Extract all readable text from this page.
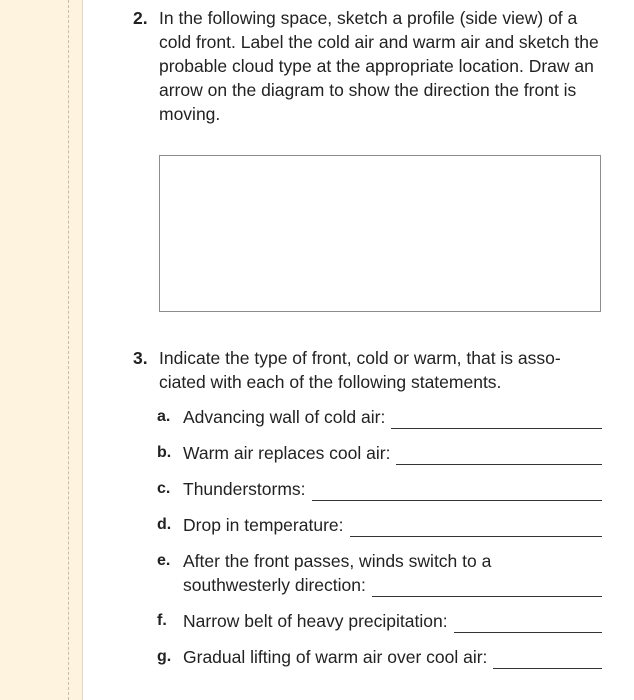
2. In the following space, sketch a profile (side view) of a cold front. Label the cold air and warm air and sketch the probable cloud type at the appropriate location. Draw an arrow on the diagram to show the direction the front is moving.
3. Indicate the type of front, cold or warm, that is asso-ciated with each of the following statements.
a. Advancing wall of cold air:
b. Warm air replaces cool air:
c. Thunderstorms:
d. Drop in temperature:
e. After the front passes, winds switch to a
southwesterly direction:
f. Narrow belt of heavy precipitation:
g. Gradual lifting of warm air over cool air:
